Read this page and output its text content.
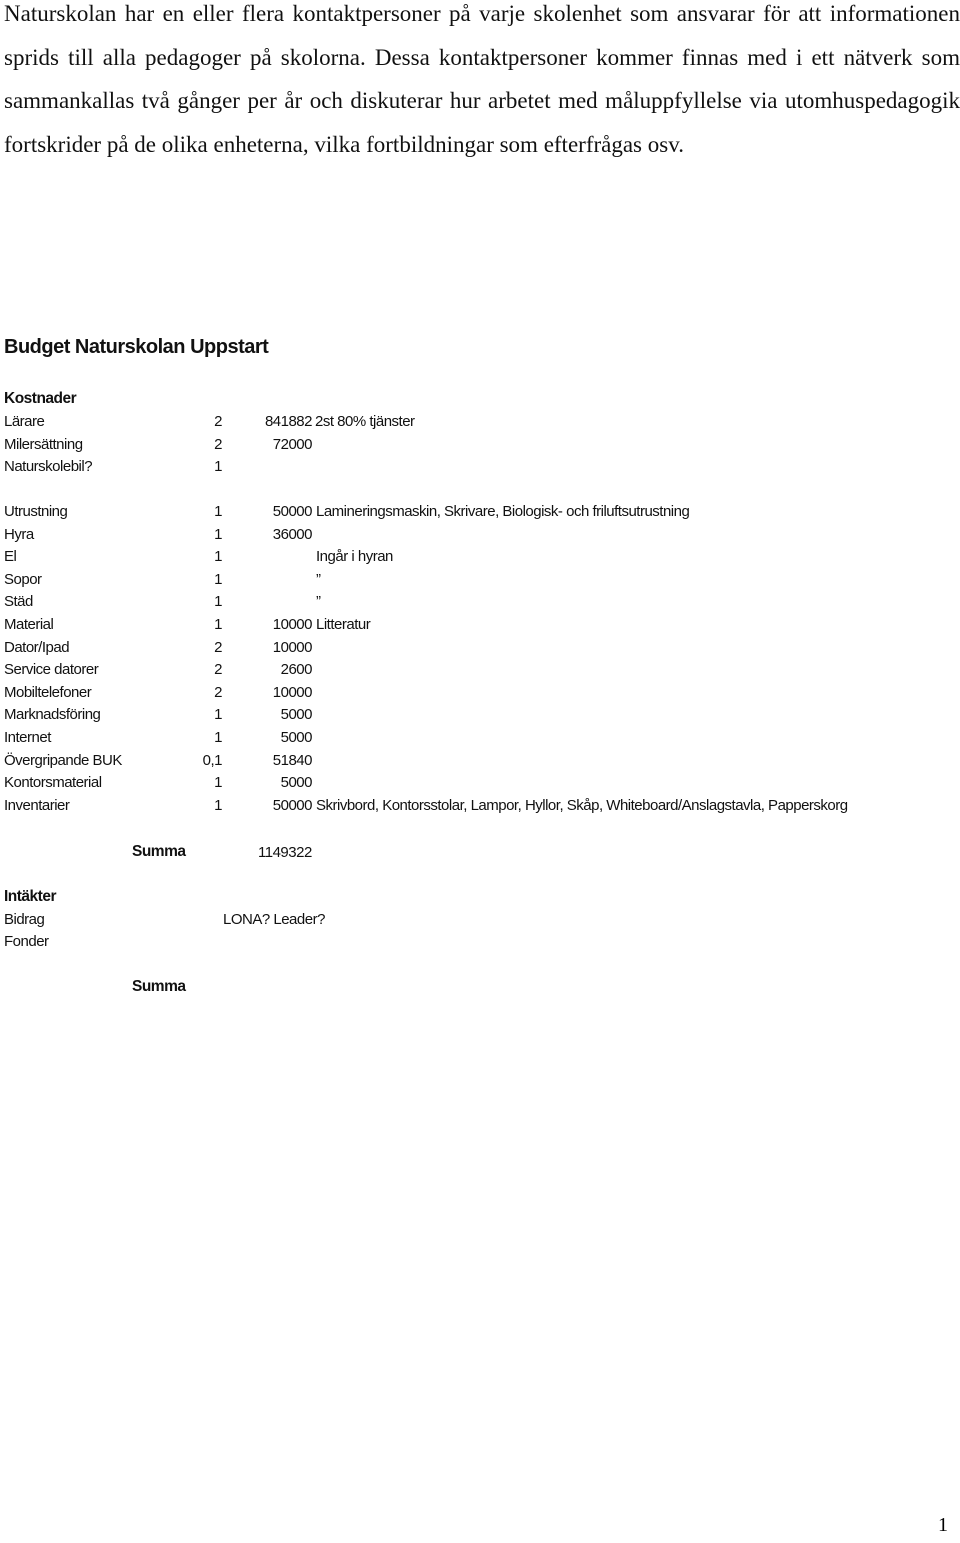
Naturskolan har en eller flera kontaktpersoner på varje skolenhet som ansvarar för att informationen sprids till alla pedagoger på skolorna. Dessa kontaktpersoner kommer finnas med i ett nätverk som sammankallas två gånger per år och diskuterar hur arbetet med måluppfyllelse via utomhuspedagogik fortskrider på de olika enheterna, vilka fortbildningar som efterfrågas osv.

Budget Naturskolan Uppstart
Kostnader
Lärare	2	841882 2st 80% tjänster
Milersättning	2	72000
Naturskolebil?	1
Utrustning	1	50000 Lamineringsmaskin, Skrivare, Biologisk- och friluftsutrustning
Hyra	1	36000
El	1	Ingår i hyran
Sopor	1	”
Städ	1	”
Material	1	10000 Litteratur
Dator/Ipad	2	10000
Service datorer	2	2600
Mobiltelefoner	2	10000
Marknadsföring	1	5000
Internet	1	5000
Övergripande BUK	0,1	51840
Kontorsmaterial	1	5000
Inventarier	1	50000 Skrivbord, Kontorsstolar, Lampor, Hyllor, Skåp, Whiteboard/Anslagstavla, Papperskorg
Summa	1149322
Intäkter
Bidrag	LONA? Leader?
Fonder
Summa
1
